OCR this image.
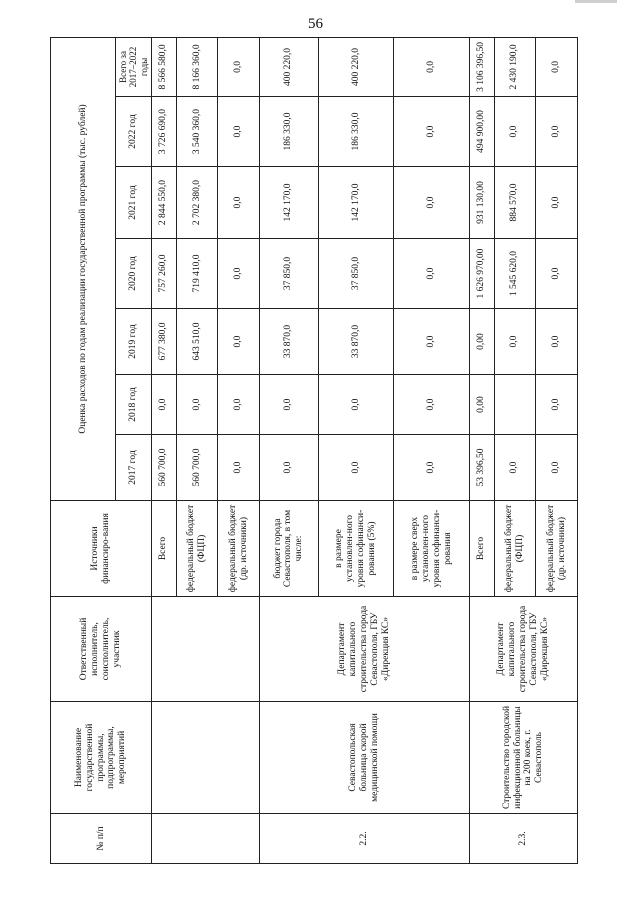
56
№ п/п	Наименование государственной программы, подпрограммы, мероприятий	Ответственный исполнитель, соисполнитель, участник	Источники финансиро-вания	Оценка расходов по годам реализации государственной программы (тыс. рублей)						
				2017 год	2018 год	2019 год	2020 год	2021 год	2022 год	Всего за 2017–2022 годы
			Всего	560 700,0	0,0	677 380,0	757 260,0	2 844 550,0	3 726 690,0	8 566 580,0
			федеральный бюджет (ФЦП)	560 700,0	0,0	643 510,0	719 410,0	2 702 380,0	3 540 360,0	8 166 360,0
			федеральный бюджет (др. источники)	0,0	0,0	0,0	0,0	0,0	0,0	0,0
2.2.	Севастопольская больница скорой медицинской помощи	Департамент капитального строительства города Севастополя, ГБУ «Дирекция КС»	бюджет города Севастополя, в том числе:	0,0	0,0	33 870,0	37 850,0	142 170,0	186 330,0	400 220,0
			в размере установлен-ного уровня софинанси-рования (5%)	0,0	0,0	33 870,0	37 850,0	142 170,0	186 330,0	400 220,0
			в размере сверх установлен-ного уровня софинанси-рования	0,0	0,0	0,0	0,0	0,0	0,0	0,0
2.3.	Строительство городской инфекционной больницы на 200 коек, г. Севастополь	Департамент капитального строительства города Севастополя, ГБУ «Дирекция КС»	Всего	53 396,50	0,00	0,00	1 626 970,00	931 130,00	494 900,00	3 106 396,50
			федеральный бюджет (ФЦП)	0,0		0,0	1 545 620,0	884 570,0	0,0	2 430 190,0
			федеральный бюджет (др. источники)	0,0	0,0	0,0	0,0	0,0	0,0	0,0
